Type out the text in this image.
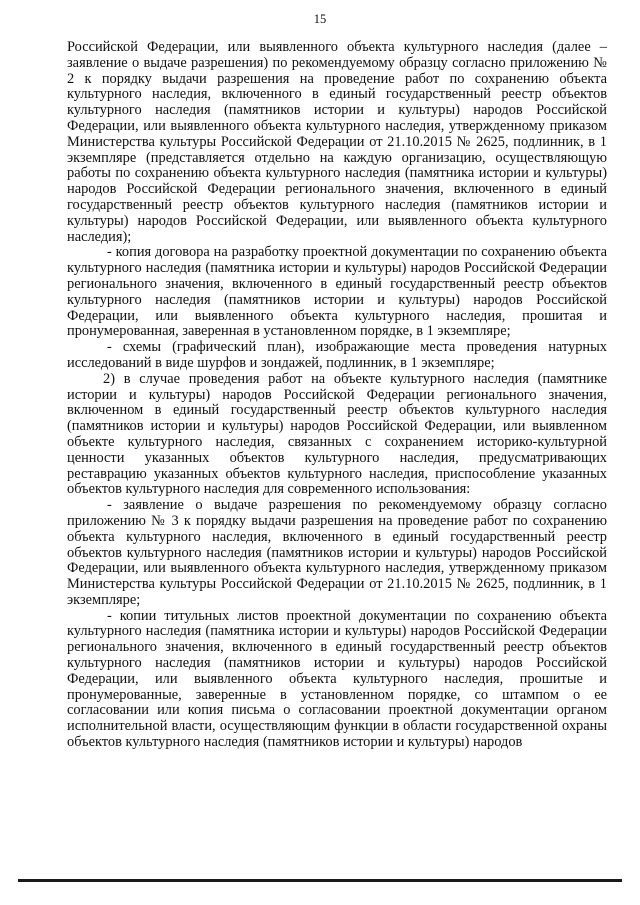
15

Российской Федерации, или выявленного объекта культурного наследия (далее – заявление о выдаче разрешения) по рекомендуемому образцу согласно приложению № 2 к порядку выдачи разрешения на проведение работ по сохранению объекта культурного наследия, включенного в единый государственный реестр объектов культурного наследия (памятников истории и культуры) народов Российской Федерации, или выявленного объекта культурного наследия, утвержденному приказом Министерства культуры Российской Федерации от 21.10.2015 № 2625, подлинник, в 1 экземпляре (представляется отдельно на каждую организацию, осуществляющую работы по сохранению объекта культурного наследия (памятника истории и культуры) народов Российской Федерации регионального значения, включенного в единый государственный реестр объектов культурного наследия (памятников истории и культуры) народов Российской Федерации, или выявленного объекта культурного наследия);

- копия договора на разработку проектной документации по сохранению объекта культурного наследия (памятника истории и культуры) народов Российской Федерации регионального значения, включенного в единый государственный реестр объектов культурного наследия (памятников истории и культуры) народов Российской Федерации, или выявленного объекта культурного наследия, прошитая и пронумерованная, заверенная в установленном порядке, в 1 экземпляре;

- схемы (графический план), изображающие места проведения натурных исследований в виде шурфов и зондажей, подлинник, в 1 экземпляре;

2) в случае проведения работ на объекте культурного наследия (памятнике истории и культуры) народов Российской Федерации регионального значения, включенном в единый государственный реестр объектов культурного наследия (памятников истории и культуры) народов Российской Федерации, или выявленном объекте культурного наследия, связанных с сохранением историко-культурной ценности указанных объектов культурного наследия, предусматривающих реставрацию указанных объектов культурного наследия, приспособление указанных объектов культурного наследия для современного использования:

- заявление о выдаче разрешения по рекомендуемому образцу согласно приложению № 3 к порядку выдачи разрешения на проведение работ по сохранению объекта культурного наследия, включенного в единый государственный реестр объектов культурного наследия (памятников истории и культуры) народов Российской Федерации, или выявленного объекта культурного наследия, утвержденному приказом Министерства культуры Российской Федерации от 21.10.2015 № 2625, подлинник, в 1 экземпляре;

- копии титульных листов проектной документации по сохранению объекта культурного наследия (памятника истории и культуры) народов Российской Федерации регионального значения, включенного в единый государственный реестр объектов культурного наследия (памятников истории и культуры) народов Российской Федерации, или выявленного объекта культурного наследия, прошитые и пронумерованные, заверенные в установленном порядке, со штампом о ее согласовании или копия письма о согласовании проектной документации органом исполнительной власти, осуществляющим функции в области государственной охраны объектов культурного наследия (памятников истории и культуры) народов
